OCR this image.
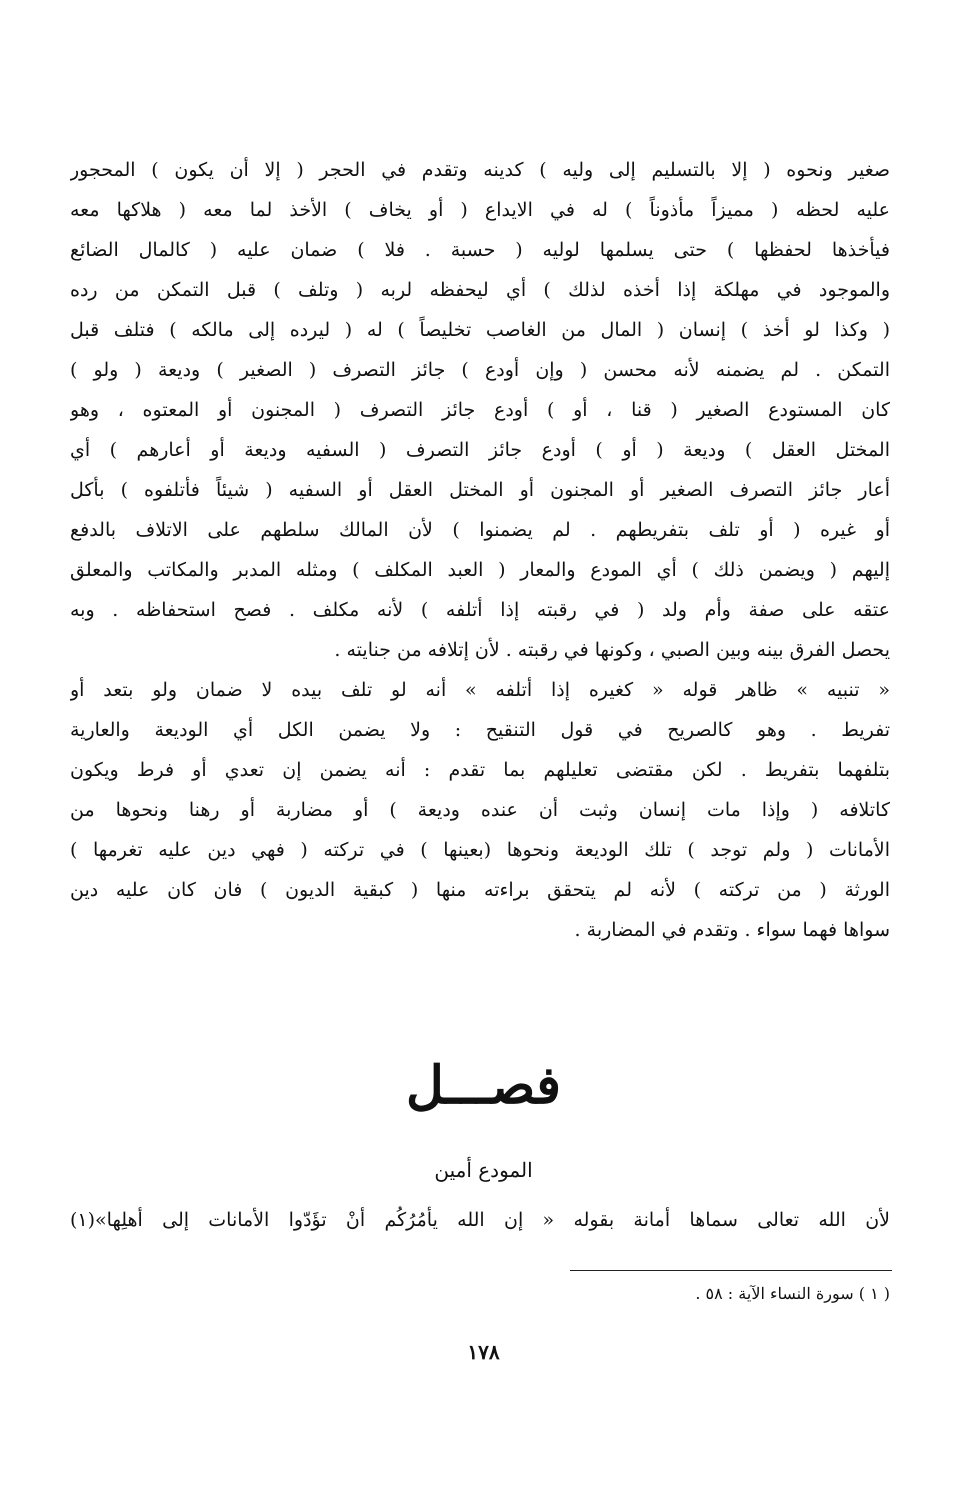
صغير ونحوه ( إلا بالتسليم إلى وليه ) كدينه وتقدم في الحجر ( إلا أن يكون ) المحجور
عليه لحظه ( مميزاً مأذوناً ) له في الايداع ( أو يخاف ) الأخذ لما معه ( هلاكها معه
فيأخذها لحفظها ) حتى يسلمها لوليه ( حسبة . فلا ) ضمان عليه ( كالمال الضائع
والموجود في مهلكة إذا أخذه لذلك ) أي ليحفظه لربه ( وتلف ) قبل التمكن من رده
( وكذا لو أخذ ) إنسان ( المال من الغاصب تخليصاً ) له ( ليرده إلى مالكه ) فتلف قبل
التمكن . لم يضمنه لأنه محسن ( وإن أودع ) جائز التصرف ( الصغير ) وديعة ( ولو )
كان المستودع الصغير ( قنا ، أو ) أودع جائز التصرف ( المجنون أو المعتوه ، وهو
المختل العقل ) وديعة ( أو ) أودع جائز التصرف ( السفيه وديعة أو أعارهم ) أي
أعار جائز التصرف الصغير أو المجنون أو المختل العقل أو السفيه ( شيئاً فأتلفوه ) بأكل
أو غيره ( أو تلف بتفريطهم . لم يضمنوا ) لأن المالك سلطهم على الاتلاف بالدفع
إليهم ( ويضمن ذلك ) أي المودع والمعار ( العبد المكلف ) ومثله المدبر والمكاتب والمعلق
عتقه على صفة وأم ولد ( في رقبته إذا أتلفه ) لأنه مكلف . فصح استحفاظه . وبه
يحصل الفرق بينه وبين الصبي ، وكونها في رقبته . لأن إتلافه من جنايته .
« تنبيه » ظاهر قوله « كغيره إذا أتلفه » أنه لو تلف بيده لا ضمان ولو بتعد أو
تفريط . وهو كالصريح في قول التنقيح : ولا يضمن الكل أي الوديعة والعارية
بتلفهما بتفريط . لكن مقتضى تعليلهم بما تقدم : أنه يضمن إن تعدي أو فرط ويكون
كاتلافه ( وإذا مات إنسان وثبت أن عنده وديعة ) أو مضاربة أو رهنا ونحوها من
الأمانات ( ولم توجد ) تلك الوديعة ونحوها (بعينها ) في تركته ( فهي دين عليه تغرمها )
الورثة ( من تركته ) لأنه لم يتحقق براءته منها ( كبقية الديون ) فان كان عليه دين
سواها فهما سواء . وتقدم في المضاربة .
فصـــل
المودع أمين
لأن الله تعالى سماها أمانة بقوله « إن الله يأمُرُكُم أنْ تؤَدّوا الأمانات إلى أهلِها»(١)
( ١ ) سورة النساء الآية : ٥٨ .
١٧٨
